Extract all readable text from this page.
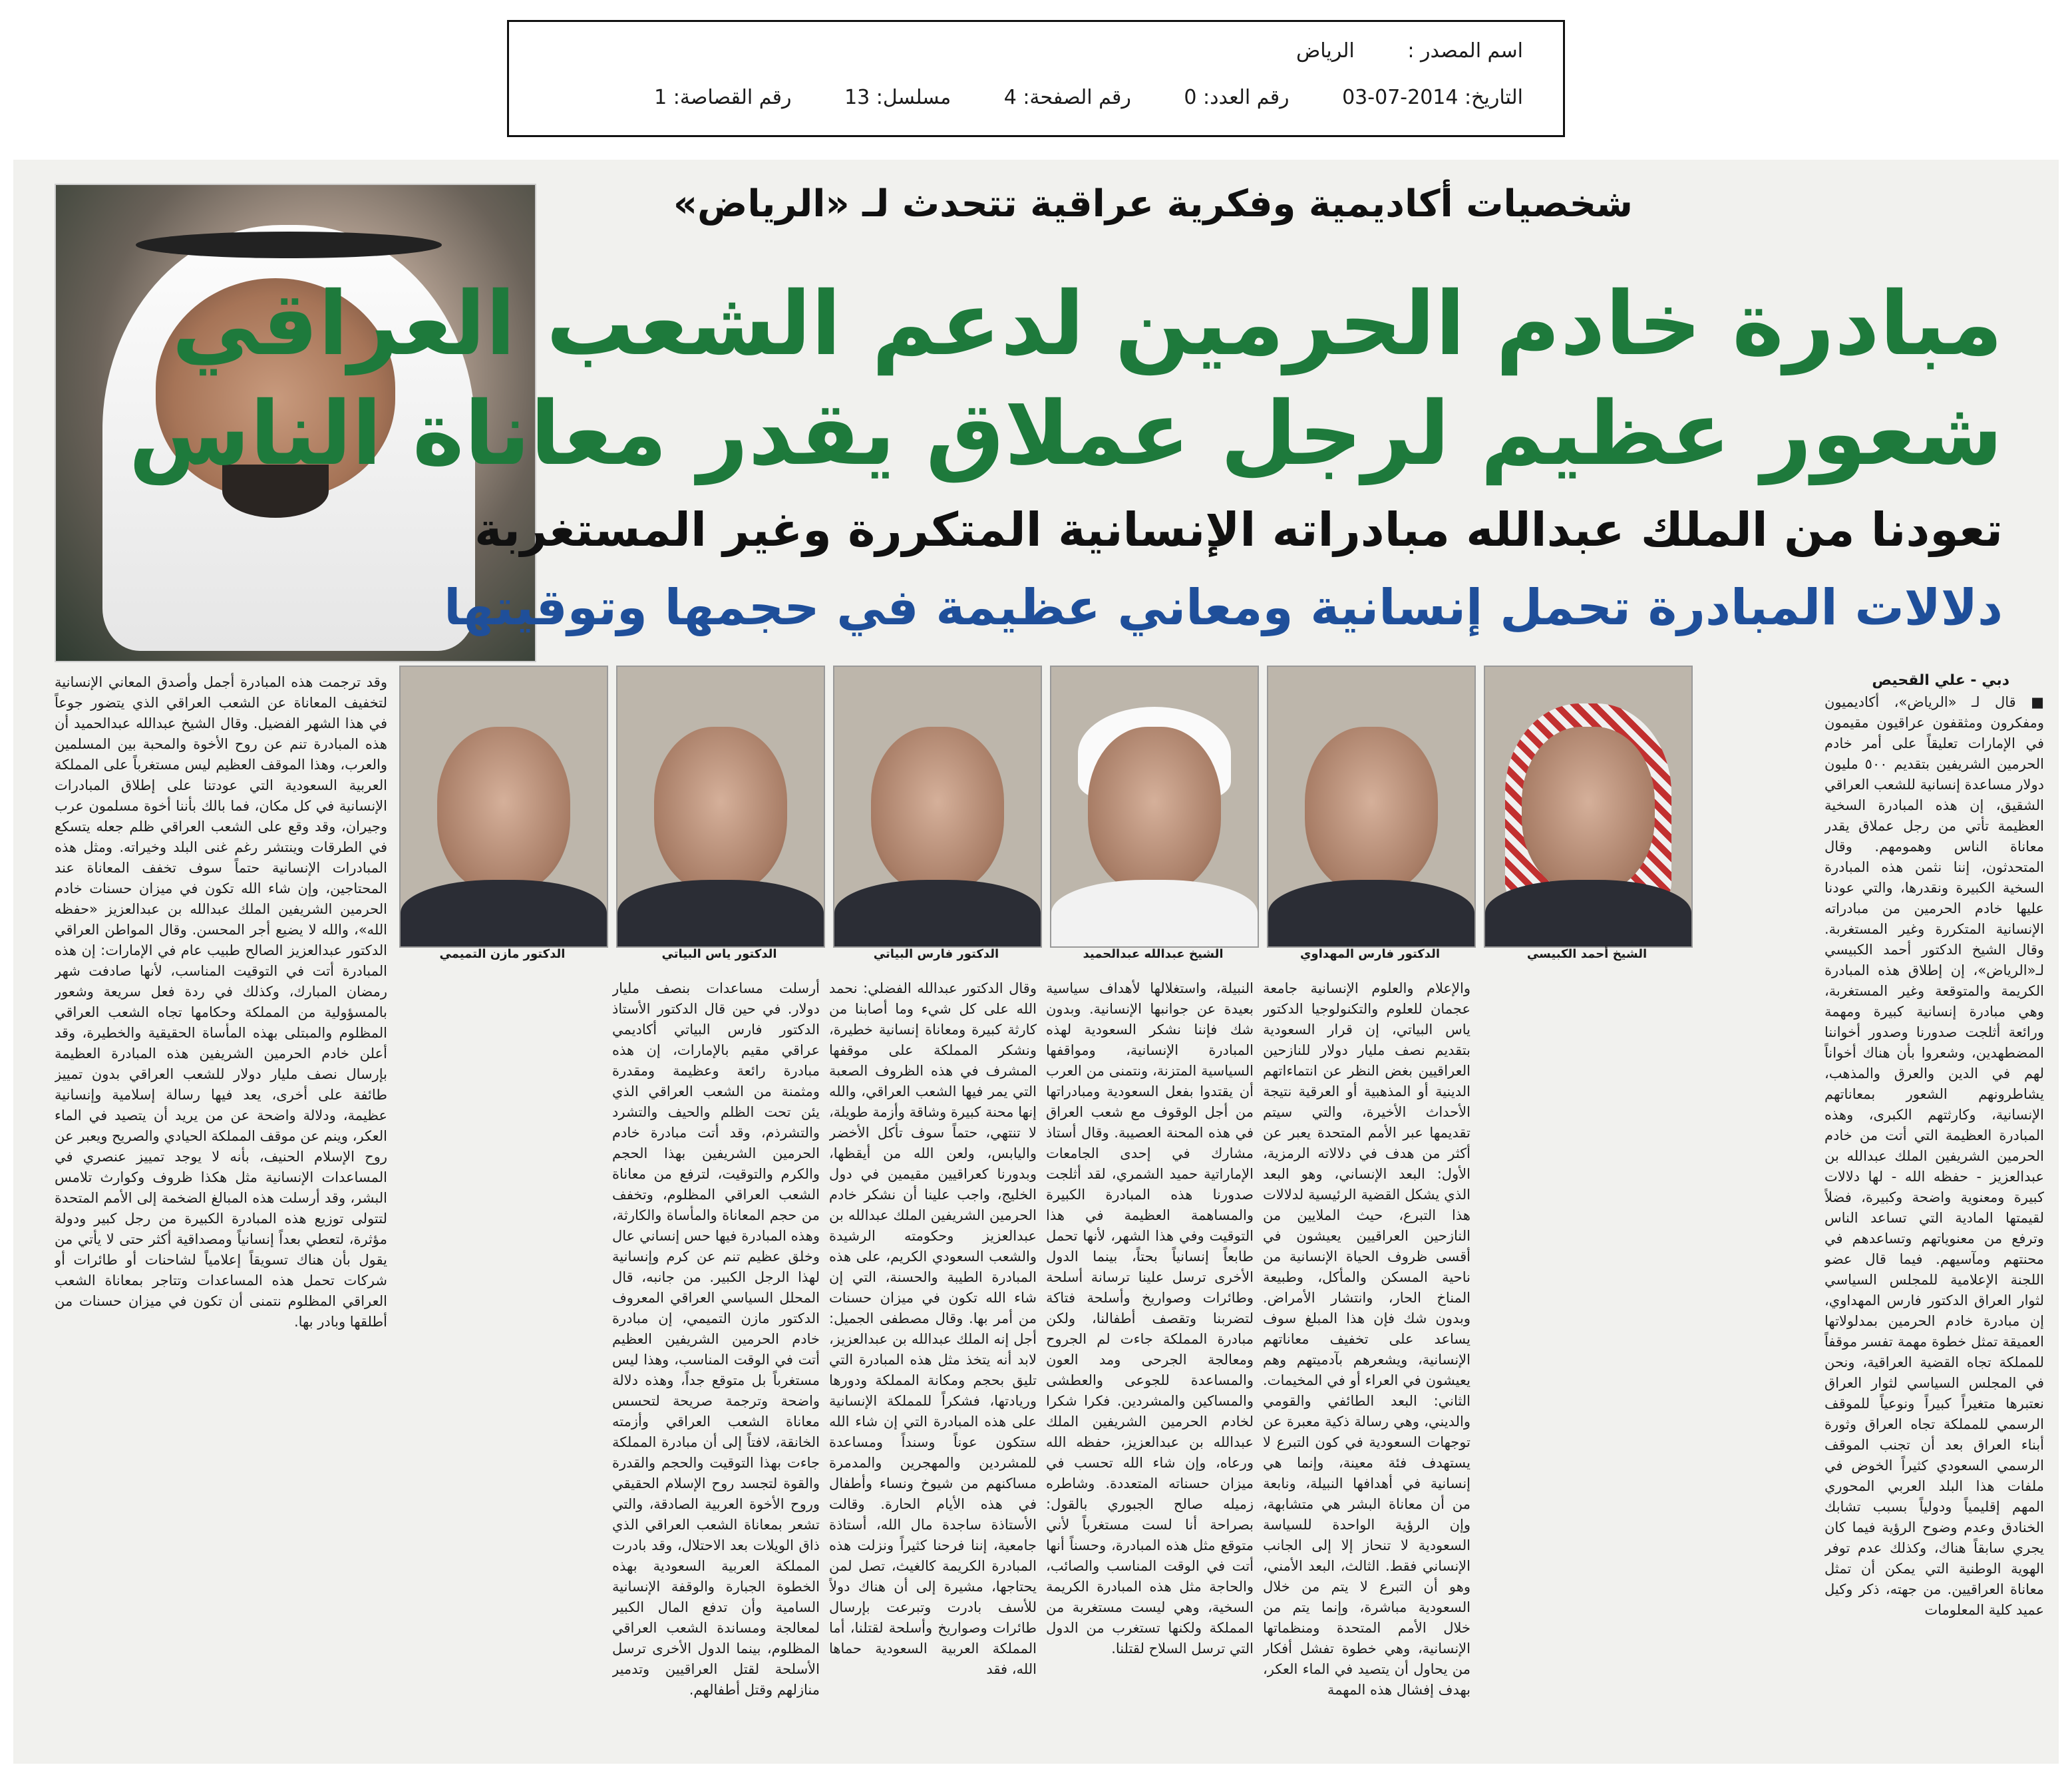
اسم المصدر : الرياض
التاريخ: 2014-07-03 رقم العدد: 0 رقم الصفحة: 4 مسلسل: 13 رقم القصاصة: 1
شخصيات أكاديمية وفكرية عراقية تتحدث لـ «الرياض»
مبادرة خادم الحرمين لدعم الشعب العراقي
شعور عظيم لرجل عملاق يقدر معاناة الناس
تعودنا من الملك عبدالله مبادراته الإنسانية المتكررة وغير المستغربة
دلالات المبادرة تحمل إنسانية ومعاني عظيمة في حجمها وتوقيتها
دبي - علي القحيص
الشيخ أحمد الكبيسي
الدكتور فارس المهداوي
الشيخ عبدالله عبدالحميد
الدكتور فارس البياتي
الدكتور ياس البياتي
الدكتور مازن التميمي
■ قال لـ «الرياض»، أكاديميون ومفكرون ومثقفون عراقيون مقيمون في الإمارات تعليقاً على أمر خادم الحرمين الشريفين بتقديم ٥٠٠ مليون دولار مساعدة إنسانية للشعب العراقي الشقيق، إن هذه المبادرة السخية العظيمة تأتي من رجل عملاق يقدر معاناة الناس وهمومهم. وقال المتحدثون، إننا نثمن هذه المبادرة السخية الكبيرة ونقدرها، والتي عودنا عليها خادم الحرمين من مبادراته الإنسانية المتكررة وغير المستغربة. وقال الشيخ الدكتور أحمد الكبيسي لـ«الرياض»، إن إطلاق هذه المبادرة الكريمة والمتوقعة وغير المستغربة، وهي مبادرة إنسانية كبيرة ومهمة ورائعة أثلجت صدورنا وصدور أخواننا المضطهدين، وشعروا بأن هناك أخواناً لهم في الدين والعرق والمذهب، يشاطرونهم الشعور بمعاناتهم الإنسانية، وكارثتهم الكبرى، وهذه المبادرة العظيمة التي أتت من خادم الحرمين الشريفين الملك عبدالله بن عبدالعزيز - حفظه الله - لها دلالات كبيرة ومعنوية واضحة وكبيرة، فضلاً لقيمتها المادية التي تساعد الناس وترفع من معنوياتهم وتساعدهم في محنتهم ومآسيهم. فيما قال عضو اللجنة الإعلامية للمجلس السياسي لثوار العراق الدكتور فارس المهداوي، إن مبادرة خادم الحرمين بمدلولاتها العميقة تمثل خطوة مهمة تفسر موقفاً للمملكة تجاه القضية العراقية، ونحن في المجلس السياسي لثوار العراق نعتبرها متغيراً كبيراً ونوعياً للموقف الرسمي للمملكة تجاه العراق وثورة أبناء العراق بعد أن تجنب الموقف الرسمي السعودي كثيراً الخوض في ملفات هذا البلد العربي المحوري المهم إقليمياً ودولياً بسبب تشابك الخنادق وعدم وضوح الرؤية فيما كان يجري سابقاً هناك، وكذلك عدم توفر الهوية الوطنية التي يمكن أن تمثل معاناة العراقيين. من جهته، ذكر وكيل عميد كلية المعلومات
والإعلام والعلوم الإنسانية جامعة عجمان للعلوم والتكنولوجيا الدكتور ياس البياتي، إن قرار السعودية بتقديم نصف مليار دولار للنازحين العراقيين بغض النظر عن انتماءاتهم الدينية أو المذهبية أو العرقية نتيجة الأحداث الأخيرة، والتي سيتم تقديمها عبر الأمم المتحدة يعبر عن أكثر من هدف في دلالاته الرمزية، الأول: البعد الإنساني، وهو البعد الذي يشكل القضية الرئيسية لدلالات هذا التبرع، حيث الملايين من النازحين العراقيين يعيشون في أقسى ظروف الحياة الإنسانية من ناحية المسكن والمأكل، وطبيعة المناخ الحار، وانتشار الأمراض. وبدون شك فإن هذا المبلغ سوف يساعد على تخفيف معاناتهم الإنسانية، ويشعرهم بآدميتهم وهم يعيشون في العراء أو في المخيمات. الثاني: البعد الطائفي والقومي والديني، وهي رسالة ذكية معبرة عن توجهات السعودية في كون التبرع لا يستهدف فئة معينة، وإنما هي إنسانية في أهدافها النبيلة، ونابعة من أن معاناة البشر هي متشابهة، وإن الرؤية الواحدة للسياسة السعودية لا تنحاز إلا إلى الجانب الإنساني فقط. الثالث، البعد الأمني، وهو أن التبرع لا يتم من خلال السعودية مباشرة، وإنما يتم من خلال الأمم المتحدة ومنظماتها الإنسانية، وهي خطوة تفشل أفكار من يحاول أن يتصيد في الماء العكر، بهدف إفشال هذه المهمة
النبيلة، واستغلالها لأهداف سياسية بعيدة عن جوانبها الإنسانية. وبدون شك فإننا نشكر السعودية لهذه المبادرة الإنسانية، ومواقفها السياسية المتزنة، ونتمنى من العرب أن يقتدوا بفعل السعودية ومبادراتها من أجل الوقوف مع شعب العراق في هذه المحنة العصيبة. وقال أستاذ مشارك في إحدى الجامعات الإماراتية حميد الشمري، لقد أثلجت صدورنا هذه المبادرة الكبيرة والمساهمة العظيمة في هذا التوقيت وفي هذا الشهر، لأنها تحمل طابعاً إنسانياً بحتاً، بينما الدول الأخرى ترسل علينا ترسانة أسلحة وطائرات وصواريخ وأسلحة فتاكة لتضربنا وتقصف أطفالنا، ولكن مبادرة المملكة جاءت لم الجروح ومعالجة الجرحى ومد العون والمساعدة للجوعى والعطشى والمساكين والمشردين. فكرا شكرا لخادم الحرمين الشريفين الملك عبدالله بن عبدالعزيز، حفظه الله ورعاه، وإن شاء الله تحسب في ميزان حسناته المتعددة. وشاطره زميله صالح الجبوري بالقول: بصراحة أنا لست مستغرباً لأني متوقع مثل هذه المبادرة، وحسناً أنها أتت في الوقت المناسب والصائب، والحاجة مثل هذه المبادرة الكريمة السخية، وهي ليست مستغربة من المملكة ولكنها تستغرب من الدول التي ترسل السلاح لقتلنا.
وقال الدكتور عبدالله الفضلي: نحمد الله على كل شيء وما أصابنا من كارثة كبيرة ومعاناة إنسانية خطيرة، ونشكر المملكة على موقفها المشرف في هذه الظروف الصعبة التي يمر فيها الشعب العراقي، والله إنها محنة كبيرة وشاقة وأزمة طويلة، لا تنتهي، حتماً سوف تأكل الأخضر واليابس، ولعن الله من أيقظها، وبدورنا كعراقيين مقيمين في دول الخليج، واجب علينا أن نشكر خادم الحرمين الشريفين الملك عبدالله بن عبدالعزيز وحكومته الرشيدة والشعب السعودي الكريم، على هذه المبادرة الطيبة والحسنة، التي إن شاء الله تكون في ميزان حسنات من أمر بها. وقال مصطفى الجميل: أجل إنه الملك عبدالله بن عبدالعزيز، لابد أنه يتخذ مثل هذه المبادرة التي تليق بحجم ومكانة المملكة ودورها وريادتها، فشكراً للمملكة الإنسانية على هذه المبادرة التي إن شاء الله ستكون عوناً وسنداً ومساعدة للمشردين والمهجرين والمدمرة مساكنهم من شيوخ ونساء وأطفال في هذه الأيام الحارة. وقالت الأستاذة ساجدة مال الله، أستاذة جامعية، إننا فرحنا كثيراً ونزلت هذه المبادرة الكريمة كالغيث، تصل لمن يحتاجها، مشيرة إلى أن هناك دولاً للأسف بادرت وتبرعت بإرسال طائرات وصواريخ وأسلحة لقتلنا، أما المملكة العربية السعودية حماها الله، فقد
أرسلت مساعدات بنصف مليار دولار. في حين قال الدكتور الأستاذ الدكتور فارس البياتي أكاديمي عراقي مقيم بالإمارات، إن هذه مبادرة رائعة وعظيمة ومقدرة ومثمنة من الشعب العراقي الذي يئن تحت الظلم والحيف والتشرد والتشرذم، وقد أتت مبادرة خادم الحرمين الشريفين بهذا الحجم والكرم والتوقيت، لترفع من معاناة الشعب العراقي المظلوم، وتخفف من حجم المعاناة والمأساة والكارثة، وهذه المبادرة فيها حس إنساني عال وخلق عظيم تنم عن كرم وإنسانية لهذا الرجل الكبير. من جانبه، قال المحلل السياسي العراقي المعروف الدكتور مازن التميمي، إن مبادرة خادم الحرمين الشريفين العظيم أتت في الوقت المناسب، وهذا ليس مستغرباً بل متوقع جداً، وهذه دلالة واضحة وترجمة صريحة لتحسس معاناة الشعب العراقي وأزمته الخانقة، لافتاً إلى أن مبادرة المملكة جاءت بهذا التوقيت والحجم والقدرة والقوة لتجسد روح الإسلام الحقيقي وروح الأخوة العربية الصادقة، والتي تشعر بمعاناة الشعب العراقي الذي ذاق الويلات بعد الاحتلال، وقد بادرت المملكة العربية السعودية بهذه الخطوة الجبارة والوقفة الإنسانية السامية وأن تدفع المال الكبير لمعالجة ومساندة الشعب العراقي المظلوم، بينما الدول الأخرى ترسل الأسلحة لقتل العراقيين وتدمير منازلهم وقتل أطفالهم.
وقد ترجمت هذه المبادرة أجمل وأصدق المعاني الإنسانية لتخفيف المعاناة عن الشعب العراقي الذي يتضور جوعاً في هذا الشهر الفضيل. وقال الشيخ عبدالله عبدالحميد أن هذه المبادرة تنم عن روح الأخوة والمحبة بين المسلمين والعرب، وهذا الموقف العظيم ليس مستغرباً على المملكة العربية السعودية التي عودتنا على إطلاق المبادرات الإنسانية في كل مكان، فما بالك بأننا أخوة مسلمون عرب وجيران، وقد وقع على الشعب العراقي ظلم جعله يتسكع في الطرقات وينتشر رغم غنى البلد وخيراته. ومثل هذه المبادرات الإنسانية حتماً سوف تخفف المعاناة عند المحتاجين، وإن شاء الله تكون في ميزان حسنات خادم الحرمين الشريفين الملك عبدالله بن عبدالعزيز «حفظه الله»، والله لا يضيع أجر المحسن. وقال المواطن العراقي الدكتور عبدالعزيز الصالح طبيب عام في الإمارات: إن هذه المبادرة أتت في التوقيت المناسب، لأنها صادفت شهر رمضان المبارك، وكذلك في ردة فعل سريعة وشعور بالمسؤولية من المملكة وحكامها تجاه الشعب العراقي المظلوم والمبتلى بهذه المأساة الحقيقية والخطيرة، وقد أعلن خادم الحرمين الشريفين هذه المبادرة العظيمة بإرسال نصف مليار دولار للشعب العراقي بدون تمييز طائفة على أخرى، يعد فيها رسالة إسلامية وإنسانية عظيمة، ودلالة واضحة عن من يريد أن يتصيد في الماء العكر، وينم عن موقف المملكة الحيادي والصريح ويعبر عن روح الإسلام الحنيف، بأنه لا يوجد تمييز عنصري في المساعدات الإنسانية مثل هكذا ظروف وكوارث تلامس البشر، وقد أرسلت هذه المبالغ الضخمة إلى الأمم المتحدة لتتولى توزيع هذه المبادرة الكبيرة من رجل كبير ودولة مؤثرة، لتعطي بعداً إنسانياً ومصداقية أكثر حتى لا يأتي من يقول بأن هناك تسويقاً إعلامياً لشاحنات أو طائرات أو شركات تحمل هذه المساعدات وتتاجر بمعاناة الشعب العراقي المظلوم نتمنى أن تكون في ميزان حسنات من أطلقها وبادر بها.
